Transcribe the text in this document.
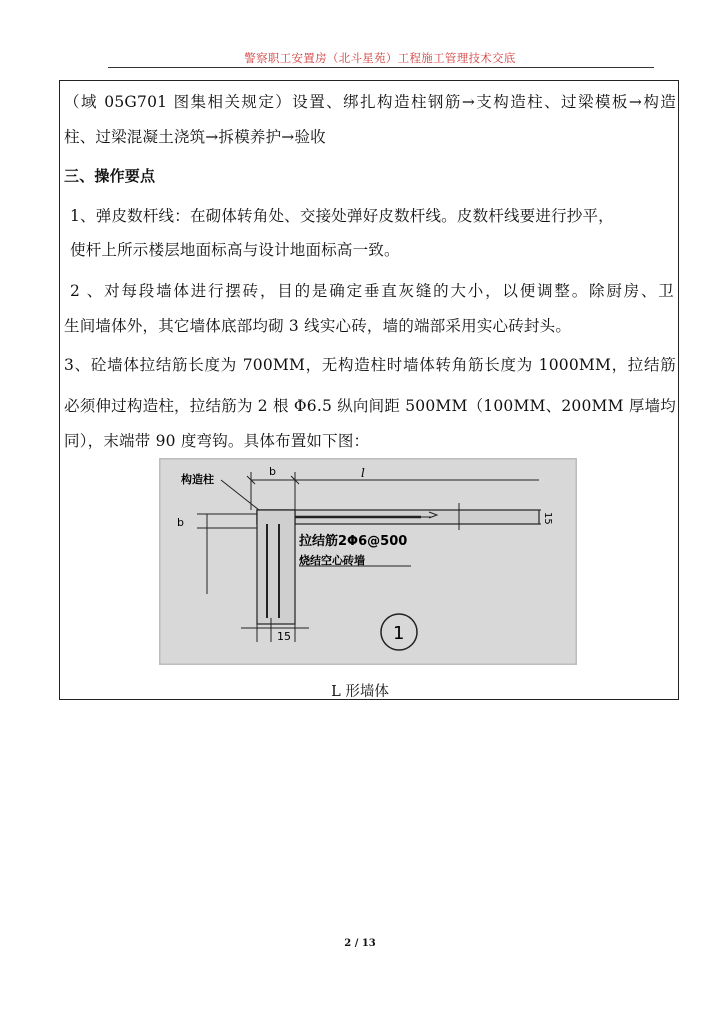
警察职工安置房（北斗星苑）工程施工管理技术交底
（域 05G701 图集相关规定）设置、绑扎构造柱钢筋→支构造柱、过梁模板→构造
柱、过梁混凝土浇筑→拆模养护→验收
三、操作要点
1、弹皮数杆线：在砌体转角处、交接处弹好皮数杆线。皮数杆线要进行抄平，
使杆上所示楼层地面标高与设计地面标高一致。
2 、对每段墙体进行摆砖，目的是确定垂直灰缝的大小，以便调整。除厨房、卫
生间墙体外，其它墙体底部均砌 3 线实心砖，墙的端部采用实心砖封头。
3、砼墙体拉结筋长度为 700MM，无构造柱时墙体转角筋长度为 1000MM，拉结筋
必须伸过构造柱，拉结筋为 2 根 Φ6.5 纵向间距 500MM（100MM、200MM 厚墙均
同），末端带 90 度弯钩。具体布置如下图：
构造柱
b	l
15
b
15
拉结筋2Φ6@500
烧结空心砖墙
1
L 形墙体
2 / 13
